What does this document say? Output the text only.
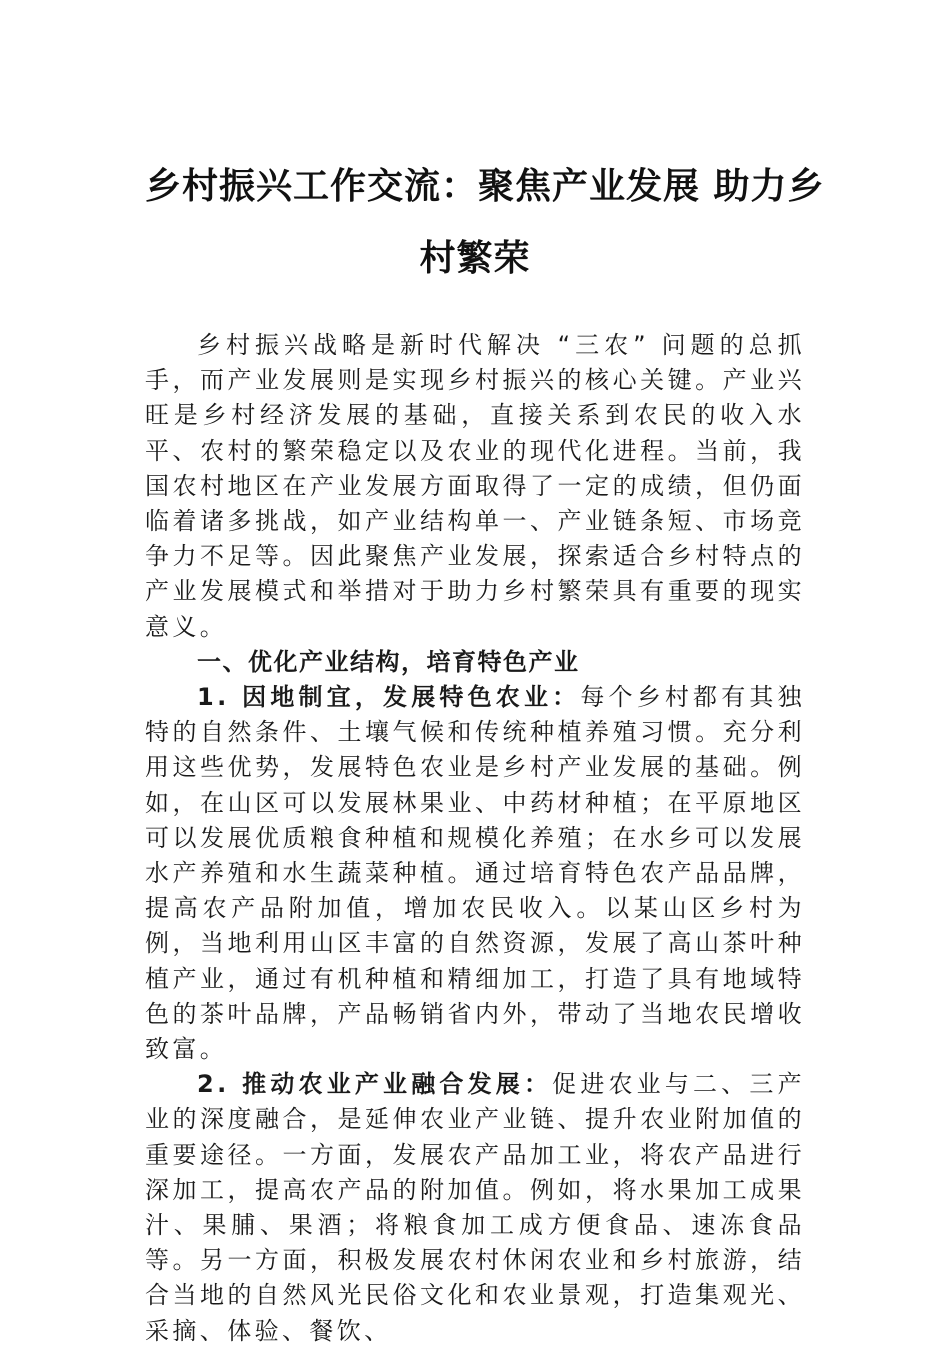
乡村振兴工作交流：聚焦产业发展 助力乡
村繁荣

乡村振兴战略是新时代解决 “三农” 问题的总抓手，而产业发展则是实现乡村振兴的核心关键。产业兴旺是乡村经济发展的基础，直接关系到农民的收入水平、农村的繁荣稳定以及农业的现代化进程。当前，我国农村地区在产业发展方面取得了一定的成绩，但仍面临着诸多挑战，如产业结构单一、产业链条短、市场竞争力不足等。因此聚焦产业发展，探索适合乡村特点的产业发展模式和举措对于助力乡村繁荣具有重要的现实意义。

一、优化产业结构，培育特色产业

1. 因地制宜，发展特色农业：每个乡村都有其独特的自然条件、土壤气候和传统种植养殖习惯。充分利用这些优势，发展特色农业是乡村产业发展的基础。例如，在山区可以发展林果业、中药材种植；在平原地区可以发展优质粮食种植和规模化养殖；在水乡可以发展水产养殖和水生蔬菜种植。通过培育特色农产品品牌，提高农产品附加值，增加农民收入。以某山区乡村为例，当地利用山区丰富的自然资源，发展了高山茶叶种植产业，通过有机种植和精细加工，打造了具有地域特色的茶叶品牌，产品畅销省内外，带动了当地农民增收致富。

2. 推动农业产业融合发展：促进农业与二、三产业的深度融合，是延伸农业产业链、提升农业附加值的重要途径。一方面，发展农产品加工业，将农产品进行深加工，提高农产品的附加值。例如，将水果加工成果汁、果脯、果酒；将粮食加工成方便食品、速冻食品等。另一方面，积极发展农村休闲农业和乡村旅游，结合当地的自然风光民俗文化和农业景观，打造集观光、采摘、体验、餐饮、
